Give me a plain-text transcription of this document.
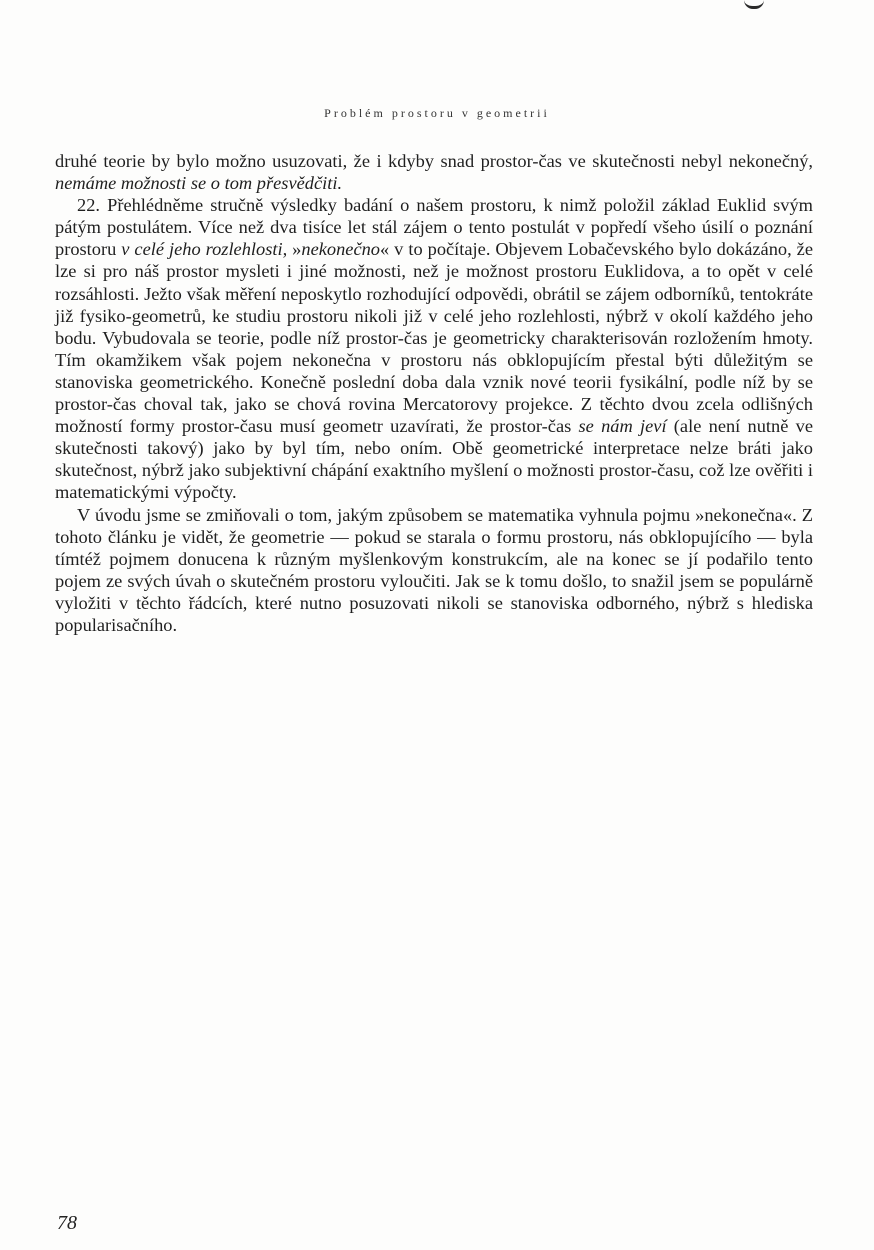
Problém prostoru v geometrii

druhé teorie by bylo možno usuzovati, že i kdyby snad prostor-čas ve skutečnosti nebyl nekonečný, nemáme možnosti se o tom přesvědčiti.

22. Přehlédněme stručně výsledky badání o našem prostoru, k nimž položil základ Euklid svým pátým postulátem. Více než dva tisíce let stál zájem o tento postulát v popředí všeho úsilí o poznání prostoru v celé jeho rozlehlosti, »nekonečno« v to počítaje. Objevem Lobačevského bylo dokázáno, že lze si pro náš prostor mysleti i jiné možnosti, než je možnost prostoru Euklidova, a to opět v celé rozsáhlosti. Ježto však měření neposkytlo rozhodující odpovědi, obrátil se zájem odborníků, tentokráte již fysiko-geometrů, ke studiu prostoru nikoli již v celé jeho rozlehlosti, nýbrž v okolí každého jeho bodu. Vybudovala se teorie, podle níž prostor-čas je geometricky charakterisován rozložením hmoty. Tím okamžikem však pojem nekonečna v prostoru nás obklopujícím přestal býti důležitým se stanoviska geometrického. Konečně poslední doba dala vznik nové teorii fysikální, podle níž by se prostor-čas choval tak, jako se chová rovina Mercatorovy projekce. Z těchto dvou zcela odlišných možností formy prostor-času musí geometr uzavírati, že prostor-čas se nám jeví (ale není nutně ve skutečnosti takový) jako by byl tím, nebo oním. Obě geometrické interpretace nelze bráti jako skutečnost, nýbrž jako subjektivní chápání exaktního myšlení o možnosti prostor-času, což lze ověřiti i matematickými výpočty.

V úvodu jsme se zmiňovali o tom, jakým způsobem se matematika vyhnula pojmu »nekonečna«. Z tohoto článku je vidět, že geometrie — pokud se starala o formu prostoru, nás obklopujícího — byla tímtéž pojmem donucena k různým myšlenkovým konstrukcím, ale na konec se jí podařilo tento pojem ze svých úvah o skutečném prostoru vyloučiti. Jak se k tomu došlo, to snažil jsem se populárně vyložiti v těchto řádcích, které nutno posuzovati nikoli se stanoviska odborného, nýbrž s hlediska popularisačního.

78
